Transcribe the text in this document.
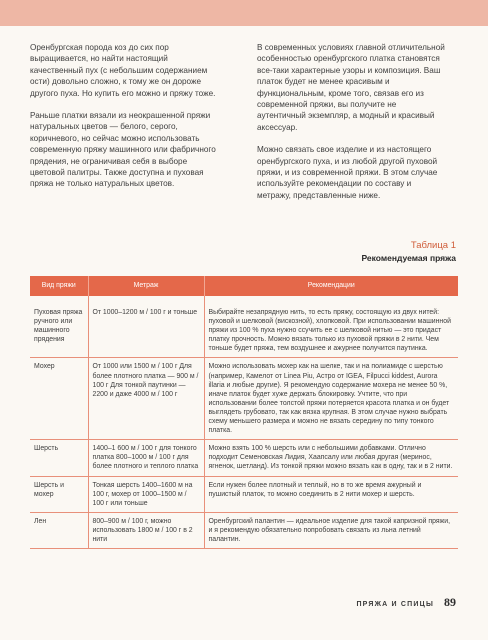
Оренбургская порода коз до сих пор выращивается, но найти настоящий качественный пух (с небольшим содержанием ости) довольно сложно, к тому же он дороже другого пуха. Но купить его можно и пряжу тоже.

Раньше платки вязали из неокрашенной пряжи натуральных цветов — белого, серого, коричневого, но сейчас можно использовать современную пряжу машинного или фабричного прядения, не ограничивая себя в выборе цветовой палитры. Также доступна и пуховая пряжа не только натуральных цветов.

В современных условиях главной отличительной особенностью оренбургского платка становятся все-таки характерные узоры и композиция. Ваш платок будет не менее красивым и функциональным, кроме того, связав его из современной пряжи, вы получите не аутентичный экземпляр, а модный и красивый аксессуар.

Можно связать свое изделие и из настоящего оренбургского пуха, и из любой другой пуховой пряжи, и из современной пряжи. В этом случае используйте рекомендации по составу и метражу, представленные ниже.

Таблица 1
Рекомендуемая пряжа
Вид пряжи	Метраж	Рекомендации
Пуховая пряжа ручного или машинного прядения	От 1000–1200 м / 100 г и тоньше	Выбирайте незапрядную нить, то есть пряжу, состоящую из двух нитей: пуховой и шелковой (вискозной), хлопковой. При использовании машинной пряжи из 100 % пуха нужно ссучить ее с шелковой нитью — это придаст платку прочность. Можно вязать только из пуховой пряжи в 2 нити. Чем тоньше будет пряжа, тем воздушнее и ажурнее получится паутинка.
Мохер	От 1000 или 1500 м / 100 г Для более плотного платка — 900 м / 100 г Для тонкой паутинки — 2200 и даже 4000 м / 100 г	Можно использовать мохер как на шелке, так и на полиамиде с шерстью (например, Камелот от Linea Piu, Астро от IGEA, Filpucci kiddest, Aurora illaria и любые другие). Я рекомендую содержание мохера не менее 50 %, иначе платок будет хуже держать блокировку. Учтите, что при использовании более толстой пряжи потеряется красота платка и он будет выглядеть грубовато, так как вязка крупная. В этом случае нужно выбрать схему меньшего размера и можно не вязать середину по типу тонкого платка.
Шерсть	1400–1 600 м / 100 г для тонкого платка 800–1000 м / 100 г для более плотного и теплого платка	Можно взять 100 % шерсть или с небольшими добавками. Отлично подходит Семеновская Лидия, Хаапсалу или любая другая (меринос, ягненок, шетланд). Из тонкой пряжи можно вязать как в одну, так и в 2 нити.
Шерсть и мохер	Тонкая шерсть 1400–1600 м на 100 г, мохер от 1000–1500 м / 100 г или тоньше	Если нужен более плотный и теплый, но в то же время ажурный и пушистый платок, то можно соединить в 2 нити мохер и шерсть.
Лен	800–900 м / 100 г, можно использовать 1800 м / 100 г в 2 нити	Оренбургский палантин — идеальное изделие для такой капризной пряжи, и я рекомендую обязательно попробовать связать из льна летний палантин.
ПРЯЖА И СПИЦЫ 89
